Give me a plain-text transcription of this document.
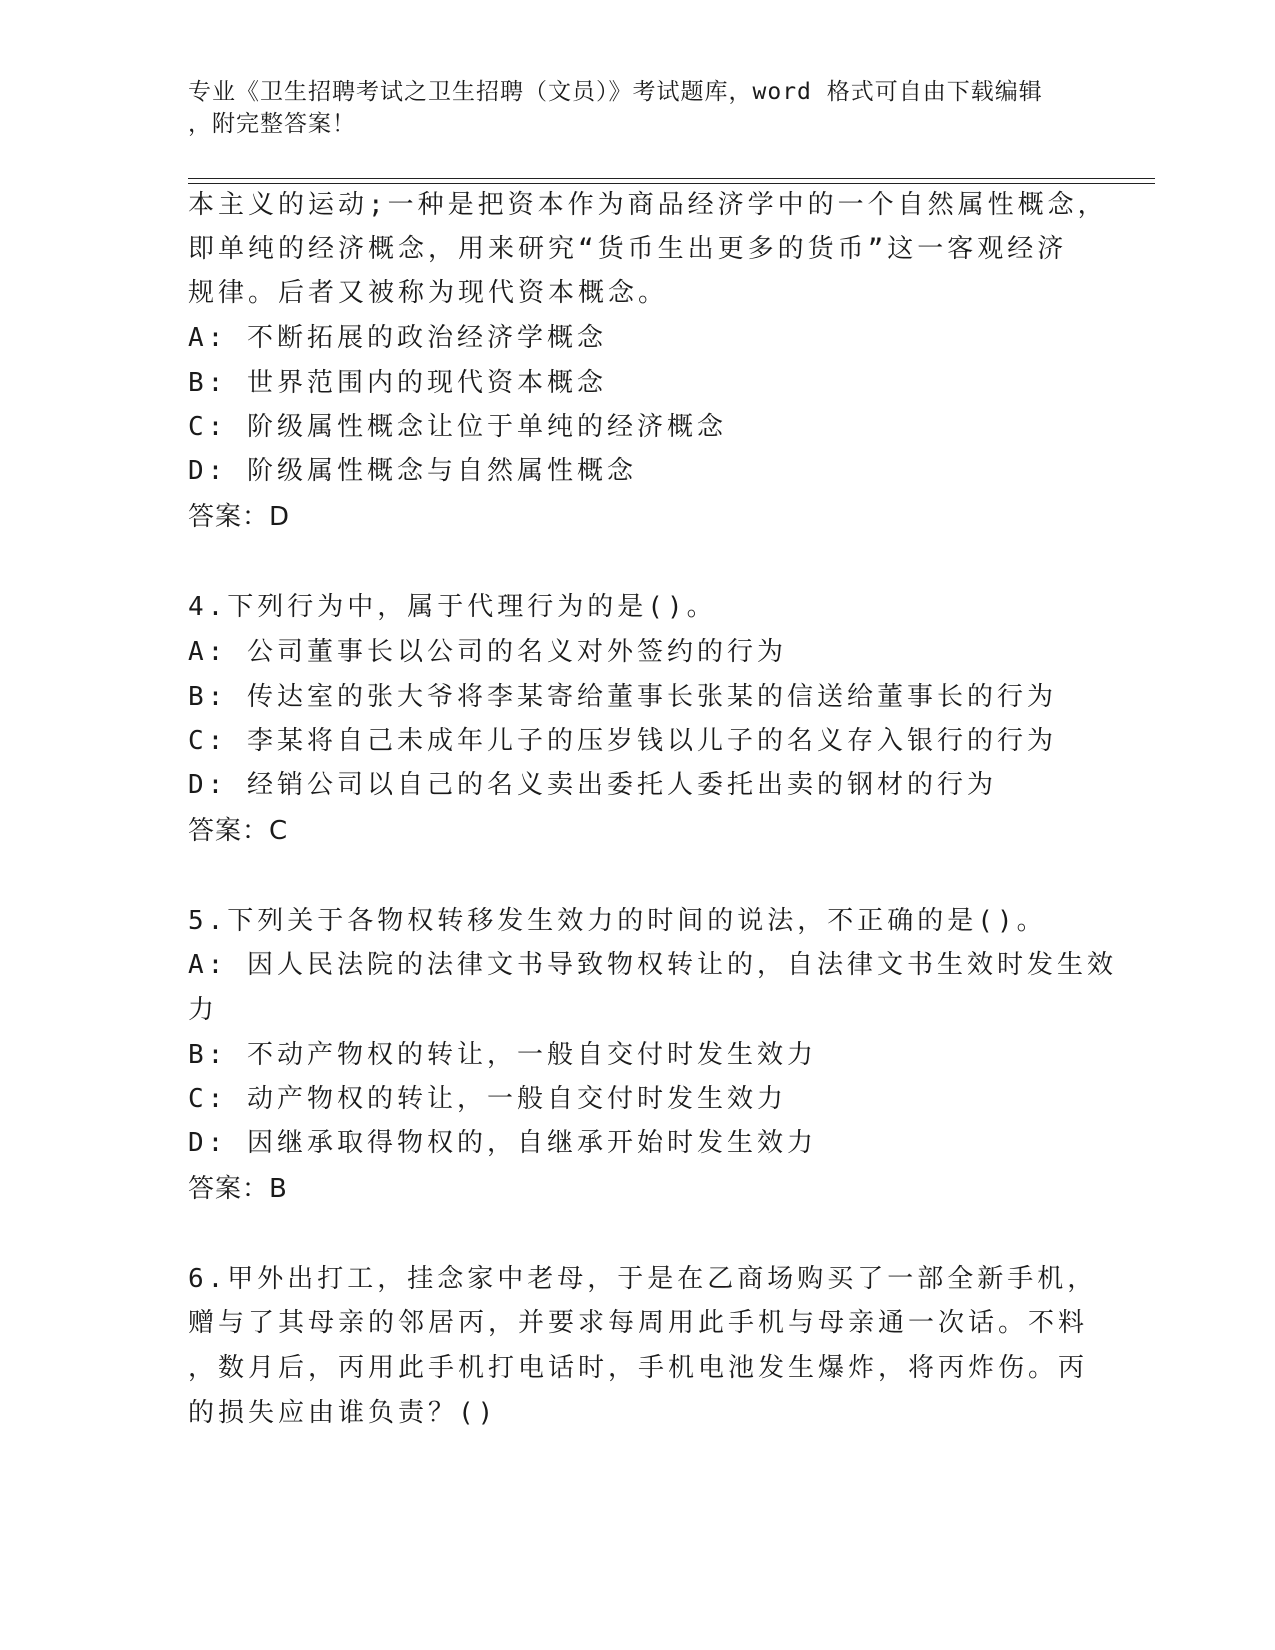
专业《卫生招聘考试之卫生招聘（文员）》考试题库，word 格式可自由下载编辑
，附完整答案！
本主义的运动;一种是把资本作为商品经济学中的一个自然属性概念，
即单纯的经济概念，用来研究“货币生出更多的货币”这一客观经济
规律。后者又被称为现代资本概念。
A: 不断拓展的政治经济学概念
B: 世界范围内的现代资本概念
C: 阶级属性概念让位于单纯的经济概念
D: 阶级属性概念与自然属性概念
答案：D
4.下列行为中，属于代理行为的是()。
A: 公司董事长以公司的名义对外签约的行为
B: 传达室的张大爷将李某寄给董事长张某的信送给董事长的行为
C: 李某将自己未成年儿子的压岁钱以儿子的名义存入银行的行为
D: 经销公司以自己的名义卖出委托人委托出卖的钢材的行为
答案：C
5.下列关于各物权转移发生效力的时间的说法，不正确的是()。
A: 因人民法院的法律文书导致物权转让的，自法律文书生效时发生效
力
B: 不动产物权的转让，一般自交付时发生效力
C: 动产物权的转让，一般自交付时发生效力
D: 因继承取得物权的，自继承开始时发生效力
答案：B
6.甲外出打工，挂念家中老母，于是在乙商场购买了一部全新手机，
赠与了其母亲的邻居丙，并要求每周用此手机与母亲通一次话。不料
，数月后，丙用此手机打电话时，手机电池发生爆炸，将丙炸伤。丙
的损失应由谁负责？()
